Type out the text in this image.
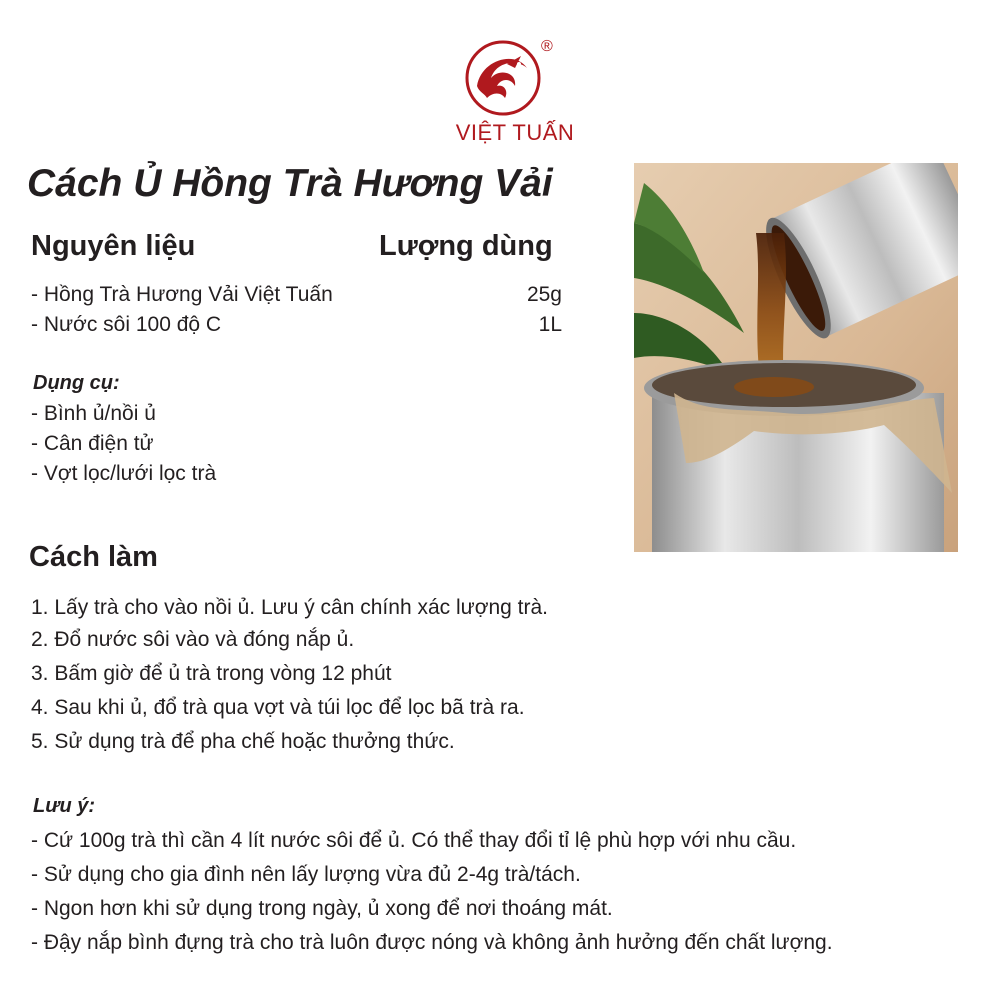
®
VIỆT TUẤN
Cách Ủ Hồng Trà Hương Vải
Nguyên liệu	Lượng dùng
- Hồng Trà Hương Vải Việt Tuấn	25g
- Nước sôi 100 độ C	1L
Dụng cụ:
- Bình ủ/nồi ủ
- Cân điện tử
- Vợt lọc/lưới lọc trà
Cách làm
1. Lấy trà cho vào nồi ủ. Lưu ý cân chính xác lượng trà.
2. Đổ nước sôi vào và đóng nắp ủ.
3. Bấm giờ để ủ trà trong vòng 12 phút
4. Sau khi ủ, đổ trà qua vợt và túi lọc để lọc bã trà ra.
5. Sử dụng trà để pha chế hoặc thưởng thức.
Lưu ý:
- Cứ 100g trà thì cần 4 lít nước sôi để ủ. Có thể thay đổi tỉ lệ phù hợp với nhu cầu.
- Sử dụng cho gia đình nên lấy lượng vừa đủ 2-4g trà/tách.
- Ngon hơn khi sử dụng trong ngày, ủ xong để nơi thoáng mát.
- Đậy nắp bình đựng trà cho trà luôn được nóng và không ảnh hưởng đến chất lượng.
